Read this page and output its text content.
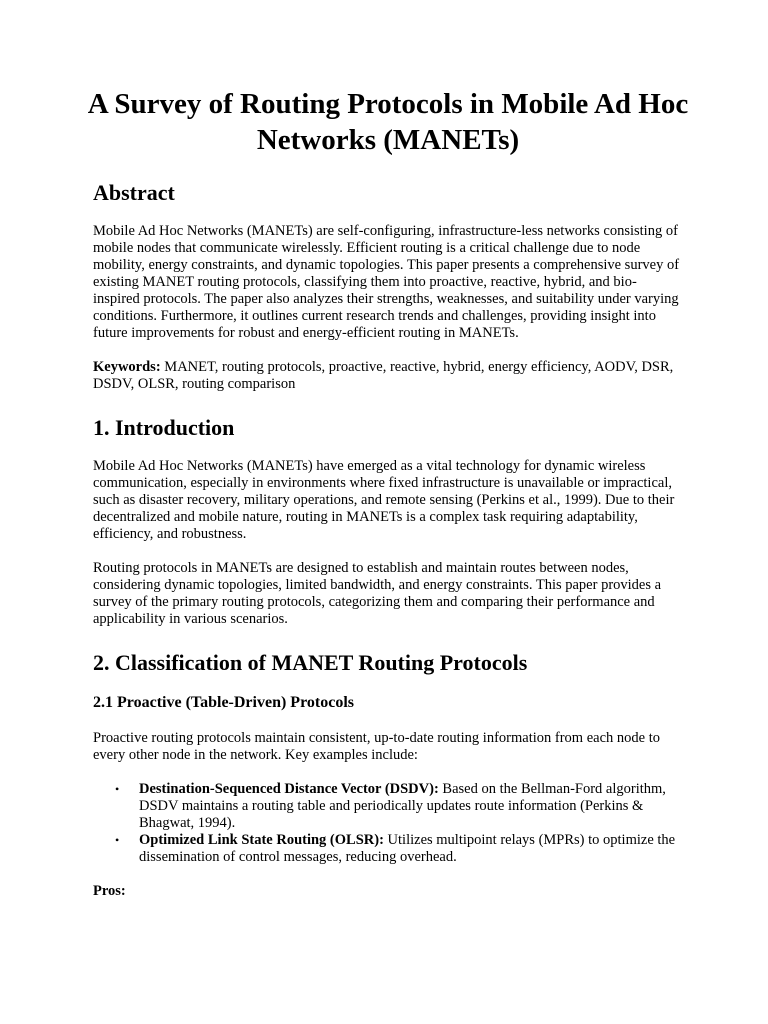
A Survey of Routing Protocols in Mobile Ad Hoc Networks (MANETs)
Abstract

Mobile Ad Hoc Networks (MANETs) are self-configuring, infrastructure-less networks consisting of mobile nodes that communicate wirelessly. Efficient routing is a critical challenge due to node mobility, energy constraints, and dynamic topologies. This paper presents a comprehensive survey of existing MANET routing protocols, classifying them into proactive, reactive, hybrid, and bio-inspired protocols. The paper also analyzes their strengths, weaknesses, and suitability under varying conditions. Furthermore, it outlines current research trends and challenges, providing insight into future improvements for robust and energy-efficient routing in MANETs.

Keywords: MANET, routing protocols, proactive, reactive, hybrid, energy efficiency, AODV, DSR, DSDV, OLSR, routing comparison

1. Introduction

Mobile Ad Hoc Networks (MANETs) have emerged as a vital technology for dynamic wireless communication, especially in environments where fixed infrastructure is unavailable or impractical, such as disaster recovery, military operations, and remote sensing (Perkins et al., 1999). Due to their decentralized and mobile nature, routing in MANETs is a complex task requiring adaptability, efficiency, and robustness.

Routing protocols in MANETs are designed to establish and maintain routes between nodes, considering dynamic topologies, limited bandwidth, and energy constraints. This paper provides a survey of the primary routing protocols, categorizing them and comparing their performance and applicability in various scenarios.

2. Classification of MANET Routing Protocols
2.1 Proactive (Table-Driven) Protocols

Proactive routing protocols maintain consistent, up-to-date routing information from each node to every other node in the network. Key examples include:

• Destination-Sequenced Distance Vector (DSDV): Based on the Bellman-Ford algorithm, DSDV maintains a routing table and periodically updates route information (Perkins & Bhagwat, 1994).
• Optimized Link State Routing (OLSR): Utilizes multipoint relays (MPRs) to optimize the dissemination of control messages, reducing overhead.

Pros:
